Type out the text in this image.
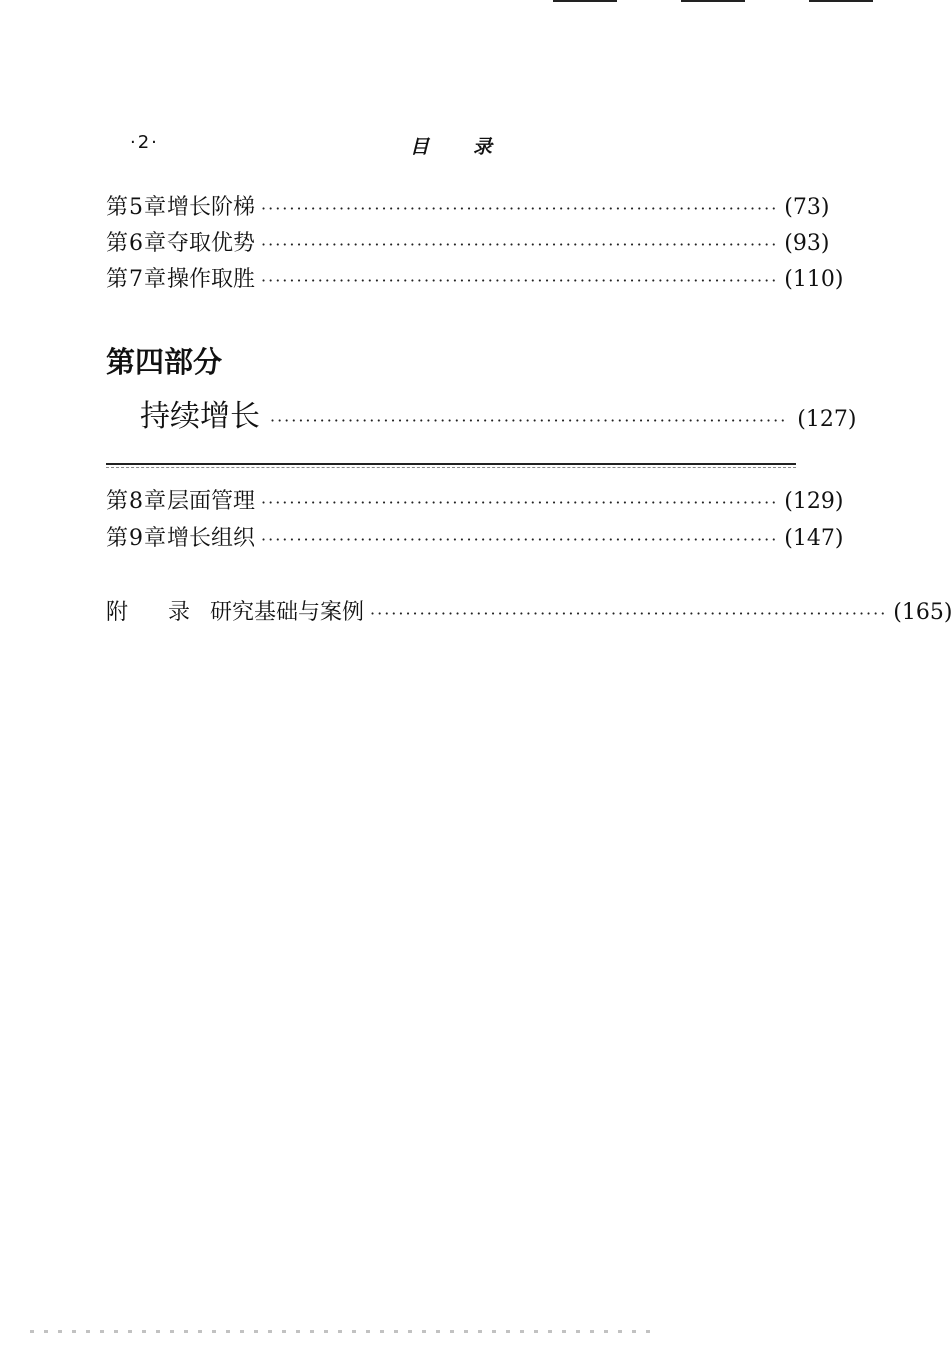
·2·	目录
第5章 增长阶梯 ········································································· (73)
第6章 夺取优势 ········································································· (93)
第7章 操作取胜 ········································································· (110)
第四部分
持续增长 ········································································· (127)
第8章 层面管理 ········································································· (129)
第9章 增长组织 ········································································· (147)
附录
研究基础与案例 ········································································· (165)
